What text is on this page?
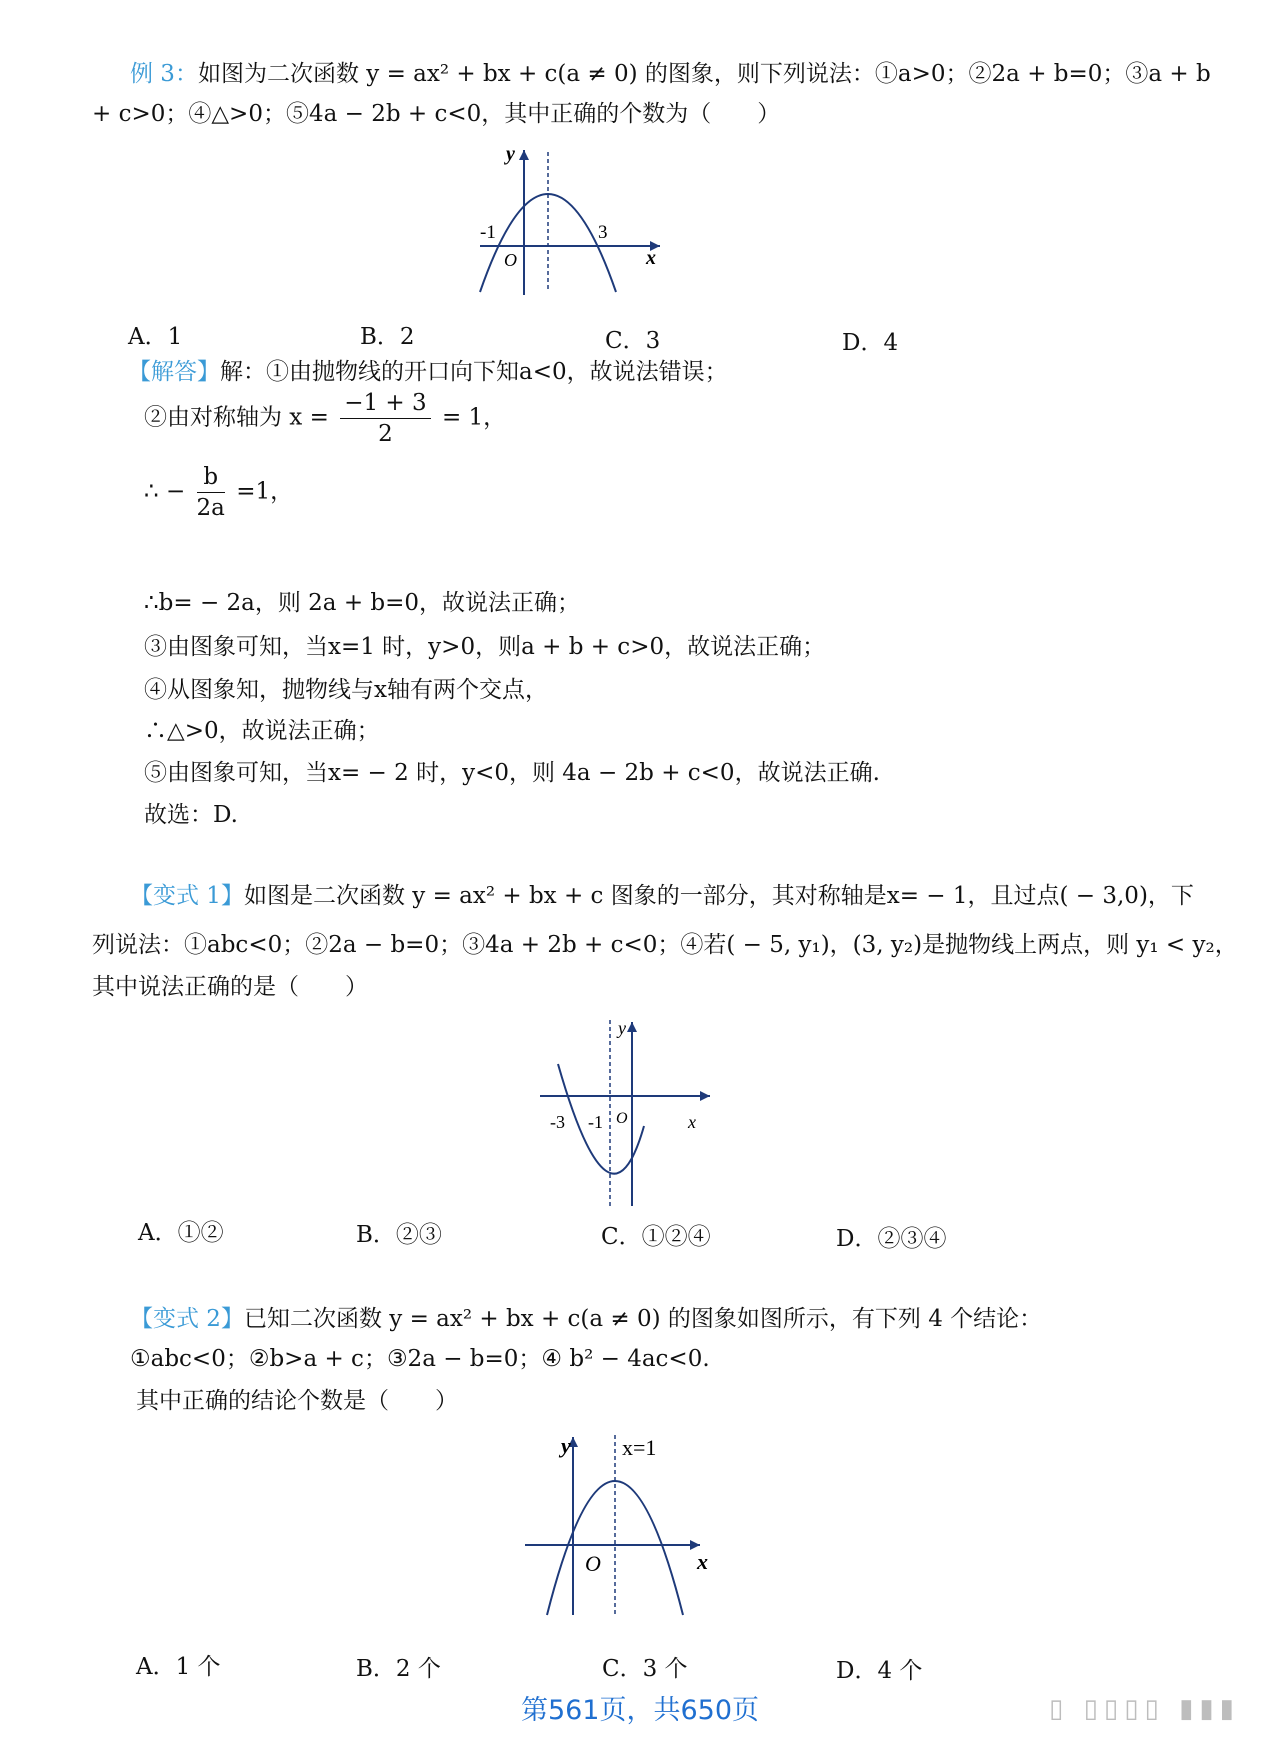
例 3：如图为二次函数 y = ax² + bx + c(a ≠ 0) 的图象，则下列说法：①a>0；②2a + b=0；③a + b
+ c>0；④△>0；⑤4a − 2b + c<0，其中正确的个数为（　　）
y
x
O
-1	3
A．1	B．2	C．3	D．4
【解答】解：①由抛物线的开口向下知a<0，故说法错误；
②由对称轴为 $x = \frac{-1 + 3}{2} = 1$，
∴ − $\frac{b}{2a} =1$，
∴b= − 2a，则 2a + b=0，故说法正确；
③由图象可知，当x=1 时，y>0，则a + b + c>0，故说法正确；
④从图象知，抛物线与x轴有两个交点，
∴△>0，故说法正确；
⑤由图象可知，当x= − 2 时，y<0，则 4a − 2b + c<0，故说法正确.
故选：D.
【变式 1】如图是二次函数 y = ax² + bx + c 图象的一部分，其对称轴是x= − 1，且过点( − 3,0)，下
列说法：①abc<0；②2a − b=0；③4a + 2b + c<0；④若( − 5, y₁)，(3, y₂)是抛物线上两点，则 y₁ < y₂，
其中说法正确的是（　　）
y
x
O
-3 -1
A．①②	B．②③	C．①②④	D．②③④
【变式 2】已知二次函数 y = ax² + bx + c(a ≠ 0) 的图象如图所示，有下列 4 个结论：
①abc<0；②b>a + c；③2a − b=0；④ b² − 4ac<0.
其中正确的结论个数是（　　）
y
x
O
x=1
A．1 个	B．2 个	C．3 个	D．4 个
第561页，共650页	▯ ▯▯▯▯ ▮▮▮
